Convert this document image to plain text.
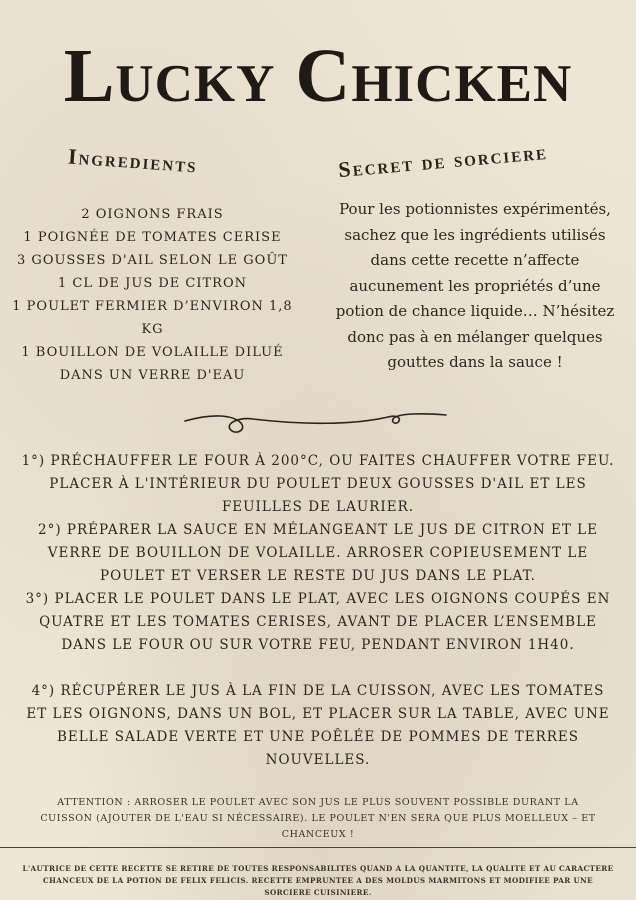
Lucky Chicken
Ingredients	Secret de sorciere
2 OIGNONS FRAIS
1 POIGNÉE DE TOMATES CERISE
3 GOUSSES D'AIL SELON LE GOÛT
1 CL DE JUS DE CITRON
1 POULET FERMIER D’ENVIRON 1,8 KG
1 BOUILLON DE VOLAILLE DILUÉ DANS UN VERRE D'EAU
Pour les potionnistes expérimentés, sachez que les ingrédients utilisés dans cette recette n’affecte aucunement les propriétés d’une potion de chance liquide… N’hésitez donc pas à en mélanger quelques gouttes dans la sauce !

1°) PRÉCHAUFFER LE FOUR À 200°C, OU FAITES CHAUFFER VOTRE FEU. PLACER À L'INTÉRIEUR DU POULET DEUX GOUSSES D'AIL ET LES FEUILLES DE LAURIER.

2°) PRÉPARER LA SAUCE EN MÉLANGEANT LE JUS DE CITRON ET LE VERRE DE BOUILLON DE VOLAILLE. ARROSER COPIEUSEMENT LE POULET ET VERSER LE RESTE DU JUS DANS LE PLAT.

3°) PLACER LE POULET DANS LE PLAT, AVEC LES OIGNONS COUPÉS EN QUATRE ET LES TOMATES CERISES, AVANT DE PLACER L’ENSEMBLE DANS LE FOUR OU SUR VOTRE FEU, PENDANT ENVIRON 1H40.

4°) RÉCUPÉRER LE JUS À LA FIN DE LA CUISSON, AVEC LES TOMATES ET LES OIGNONS, DANS UN BOL, ET PLACER SUR LA TABLE, AVEC UNE BELLE SALADE VERTE ET UNE POÊLÉE DE POMMES DE TERRES NOUVELLES.

ATTENTION : ARROSER LE POULET AVEC SON JUS LE PLUS SOUVENT POSSIBLE DURANT LA CUISSON (AJOUTER DE L'EAU SI NÉCESSAIRE). LE POULET N'EN SERA QUE PLUS MOELLEUX – ET CHANCEUX !
L'AUTRICE DE CETTE RECETTE SE RETIRE DE TOUTES RESPONSABILITES QUAND A LA QUANTITE, LA QUALITE ET AU CARACTERE CHANCEUX DE LA POTION DE FELIX FELICIS. RECETTE EMPRUNTEE A DES MOLDUS MARMITONS ET MODIFIEE PAR UNE SORCIERE CUISINIERE.
